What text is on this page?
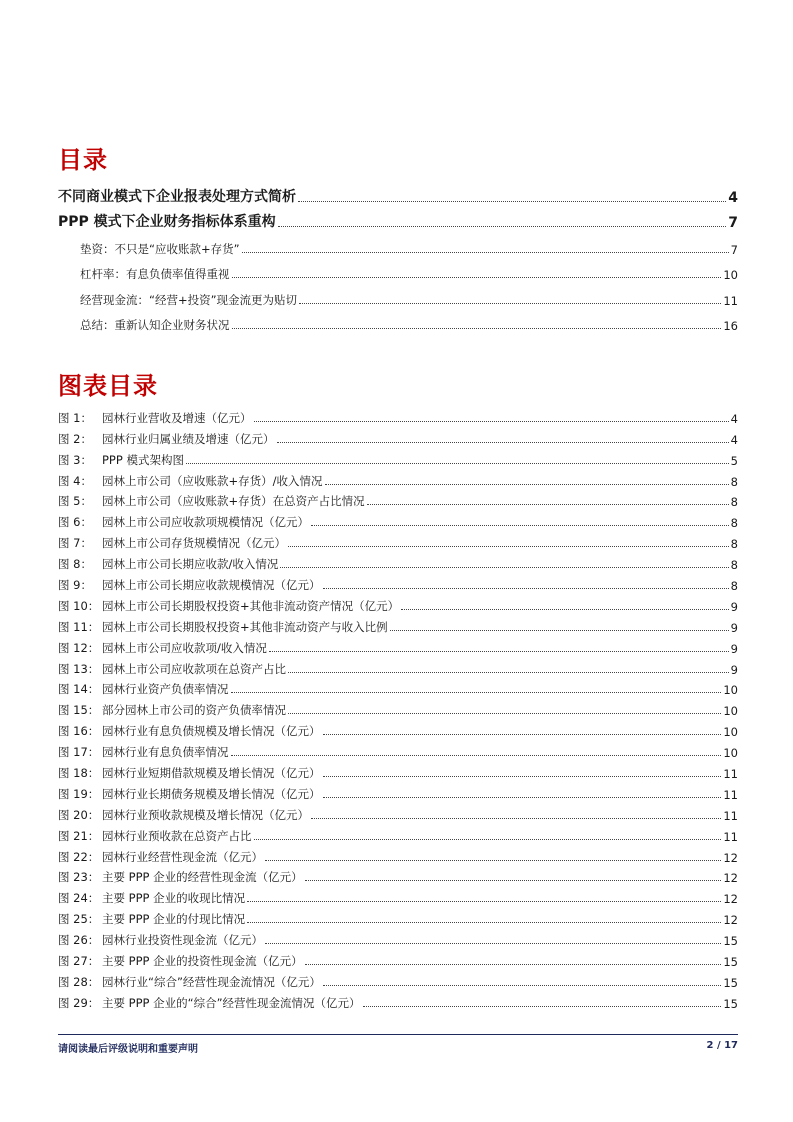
目录
不同商业模式下企业报表处理方式简析	4
PPP 模式下企业财务指标体系重构	7
垫资：不只是“应收账款+存货”	7
杠杆率：有息负债率值得重视	10
经营现金流：“经营+投资”现金流更为贴切	11
总结：重新认知企业财务状况	16
图表目录
图 1： 园林行业营收及增速（亿元）	4
图 2： 园林行业归属业绩及增速（亿元）	4
图 3： PPP 模式架构图	5
图 4： 园林上市公司（应收账款+存货）/收入情况	8
图 5： 园林上市公司（应收账款+存货）在总资产占比情况	8
图 6： 园林上市公司应收款项规模情况（亿元）	8
图 7： 园林上市公司存货规模情况（亿元）	8
图 8： 园林上市公司长期应收款/收入情况	8
图 9： 园林上市公司长期应收款规模情况（亿元）	8
图 10： 园林上市公司长期股权投资+其他非流动资产情况（亿元）	9
图 11： 园林上市公司长期股权投资+其他非流动资产与收入比例	9
图 12： 园林上市公司应收款项/收入情况	9
图 13： 园林上市公司应收款项在总资产占比	9
图 14： 园林行业资产负债率情况	10
图 15： 部分园林上市公司的资产负债率情况	10
图 16： 园林行业有息负债规模及增长情况（亿元）	10
图 17： 园林行业有息负债率情况	10
图 18： 园林行业短期借款规模及增长情况（亿元）	11
图 19： 园林行业长期债务规模及增长情况（亿元）	11
图 20： 园林行业预收款规模及增长情况（亿元）	11
图 21： 园林行业预收款在总资产占比	11
图 22： 园林行业经营性现金流（亿元）	12
图 23： 主要 PPP 企业的经营性现金流（亿元）	12
图 24： 主要 PPP 企业的收现比情况	12
图 25： 主要 PPP 企业的付现比情况	12
图 26： 园林行业投资性现金流（亿元）	15
图 27： 主要 PPP 企业的投资性现金流（亿元）	15
图 28： 园林行业“综合”经营性现金流情况（亿元）	15
图 29： 主要 PPP 企业的“综合”经营性现金流情况（亿元）	15
请阅读最后评级说明和重要声明	2 / 17
